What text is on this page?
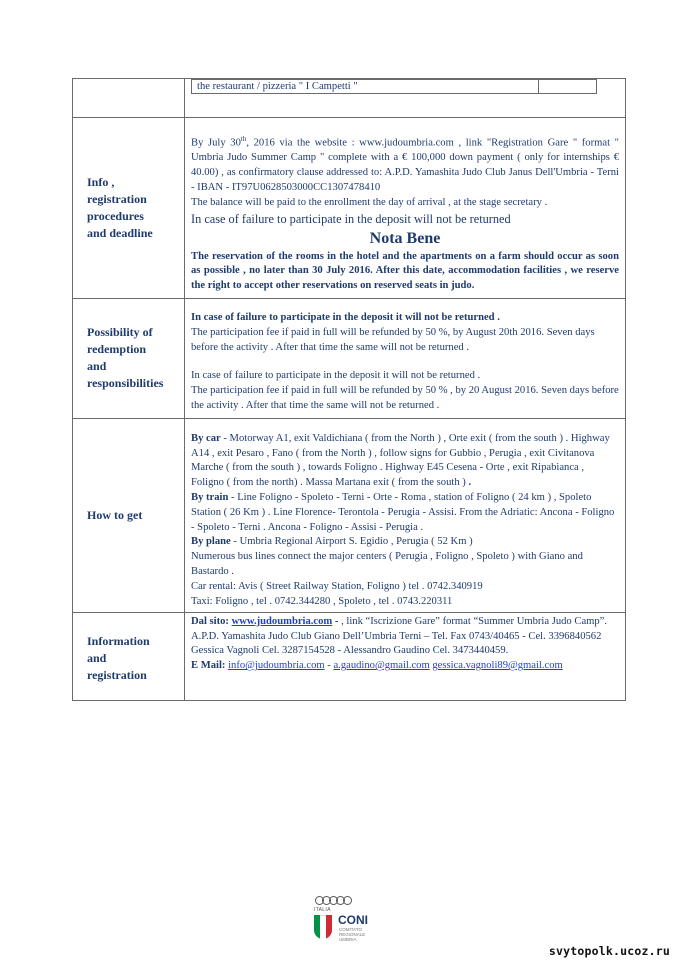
the restaurant / pizzeria " I Campetti "	

Info ,
registration
procedures
and deadline

By July 30th, 2016 via the website : www.judoumbria.com , link "Registration Gare " format " Umbria Judo Summer Camp " complete with a € 100,000 down payment ( only for internships € 40.00) , as confirmatory clause addressed to: A.P.D. Yamashita Judo Club Janus Dell'Umbria - Terni - IBAN - IT97U0628503000CC1307478410

The balance will be paid to the enrollment the day of arrival , at the stage secretary .

In case of failure to participate in the deposit will not be returned

Nota Bene

The reservation of the rooms in the hotel and the apartments on a farm should occur as soon as possible , no later than 30 July 2016. After this date, accommodation facilities , we reserve the right to accept other reservations on reserved seats in judo.

Possibility of
redemption
and
responsibilities

In case of failure to participate in the deposit it will not be returned .

The participation fee if paid in full will be refunded by 50 %, by August 20th 2016. Seven days before the activity . After that time the same will not be returned .

In case of failure to participate in the deposit it will not be returned .

The participation fee if paid in full will be refunded by 50 % , by 20 August 2016. Seven days before the activity . After that time the same will not be returned .

How to get

By car - Motorway A1, exit Valdichiana ( from the North ) , Orte exit ( from the south ) . Highway A14 , exit Pesaro , Fano ( from the North ) , follow signs for Gubbio , Perugia , exit Civitanova Marche ( from the south ) , towards Foligno . Highway E45 Cesena - Orte , exit Ripabianca , Foligno ( from the north) . Massa Martana exit ( from the south ) .

By train - Line Foligno - Spoleto - Terni - Orte - Roma , station of Foligno ( 24 km ) , Spoleto Station ( 26 Km ) . Line Florence- Terontola - Perugia - Assisi. From the Adriatic: Ancona - Foligno - Spoleto - Terni . Ancona - Foligno - Assisi - Perugia .

By plane - Umbria Regional Airport S. Egidio , Perugia ( 52 Km )

Numerous bus lines connect the major centers ( Perugia , Foligno , Spoleto ) with Giano and Bastardo .

Car rental: Avis ( Street Railway Station, Foligno ) tel . 0742.340919

Taxi: Foligno , tel . 0742.344280 , Spoleto , tel . 0743.220311

Information
and
registration

Dal sito: www.judoumbria.com - , link “Iscrizione Gare” format “Summer Umbria Judo Camp”.

A.P.D. Yamashita Judo Club Giano Dell’Umbria Terni – Tel. Fax 0743/40465 - Cel. 3396840562 Gessica Vagnoli Cel. 3287154528 - Alessandro Gaudino Cel. 3473440459.

E Mail: info@judoumbria.com - a.gaudino@gmail.com gessica.vagnoli89@gmail.com

ITALIA
CONI
COMITATO
REGIONALE
UMBRIA
svytopolk.ucoz.ru
